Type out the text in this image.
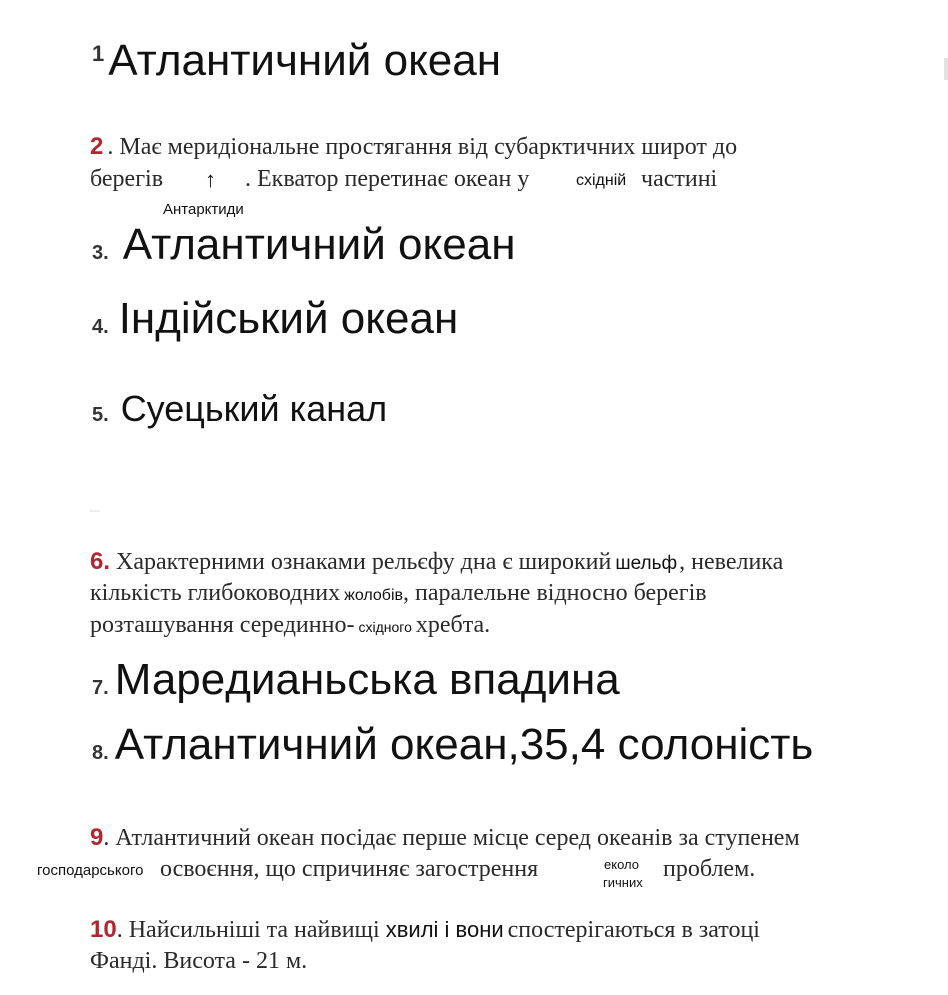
1Атлантичний океан
2 . Має меридіональне простягання від субарктичних широт до
берегів ↑ . Екватор перетинає океан у	східній частині
Антарктиди
3. Атлантичний океан
4. Індійський океан
5. Суецький канал
6. Характерними ознаками рельєфу дна є широкий шельф, невелика
кількість глибоководних жолобів, паралельне відносно берегів
розташування серединно- східного хребта.
7. Марeдианьська впадина
8. Атлантичний океан,35,4 солоність
9. Атлантичний океан посідає перше місце серед океанів за ступенем
господарського освоєння, що спричиняє загострення	еколо
гичних
проблем.
10. Найсильніші та найвищі хвилі і вони спостерігаються в затоці
Фанді. Висота - 21 м.
